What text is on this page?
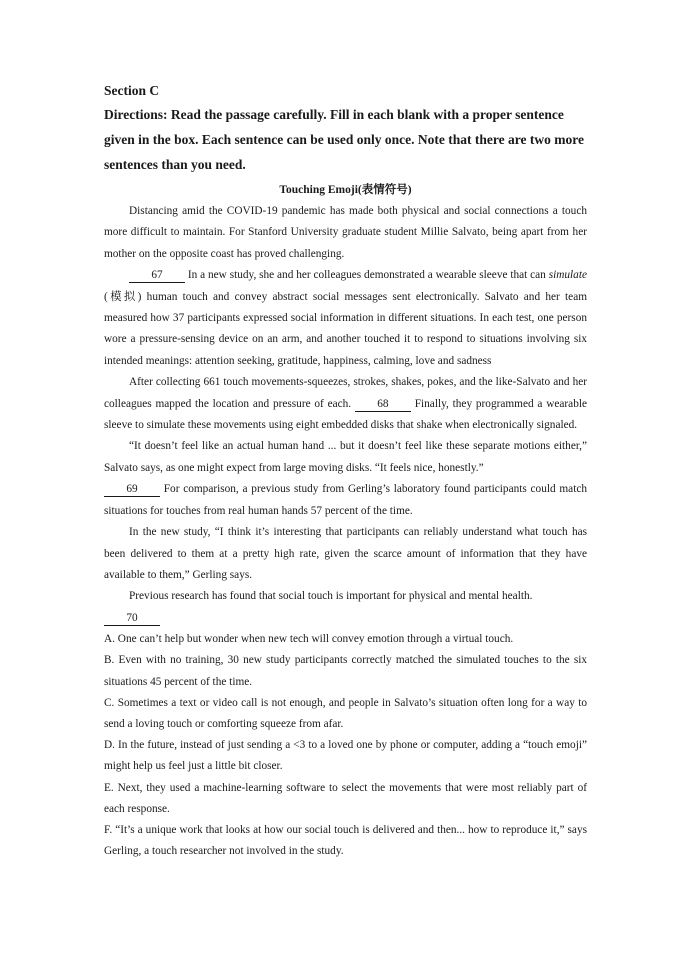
Section C

Directions: Read the passage carefully. Fill in each blank with a proper sentence given in the box. Each sentence can be used only once. Note that there are two more sentences than you need.

Touching Emoji(表情符号)

Distancing amid the COVID-19 pandemic has made both physical and social connections a touch more difficult to maintain. For Stanford University graduate student Millie Salvato, being apart from her mother on the opposite coast has proved challenging.

67 In a new study, she and her colleagues demonstrated a wearable sleeve that can simulate (模拟) human touch and convey abstract social messages sent electronically. Salvato and her team measured how 37 participants expressed social information in different situations. In each test, one person wore a pressure-sensing device on an arm, and another touched it to respond to situations involving six intended meanings: attention seeking, gratitude, happiness, calming, love and sadness

After collecting 661 touch movements-squeezes, strokes, shakes, pokes, and the like-Salvato and her colleagues mapped the location and pressure of each. 68 Finally, they programmed a wearable sleeve to simulate these movements using eight embedded disks that shake when electronically signaled.

“It doesn’t feel like an actual human hand ... but it doesn’t feel like these separate motions either,” Salvato says, as one might expect from large moving disks. “It feels nice, honestly.”

69 For comparison, a previous study from Gerling’s laboratory found participants could match situations for touches from real human hands 57 percent of the time.

In the new study, “I think it’s interesting that participants can reliably understand what touch has been delivered to them at a pretty high rate, given the scarce amount of information that they have available to them,” Gerling says.

Previous research has found that social touch is important for physical and mental health.

70

A. One can’t help but wonder when new tech will convey emotion through a virtual touch.

B. Even with no training, 30 new study participants correctly matched the simulated touches to the six situations 45 percent of the time.

C. Sometimes a text or video call is not enough, and people in Salvato’s situation often long for a way to send a loving touch or comforting squeeze from afar.

D. In the future, instead of just sending a <3 to a loved one by phone or computer, adding a “touch emoji” might help us feel just a little bit closer.

E. Next, they used a machine-learning software to select the movements that were most reliably part of each response.

F. “It’s a unique work that looks at how our social touch is delivered and then... how to reproduce it,” says Gerling, a touch researcher not involved in the study.
